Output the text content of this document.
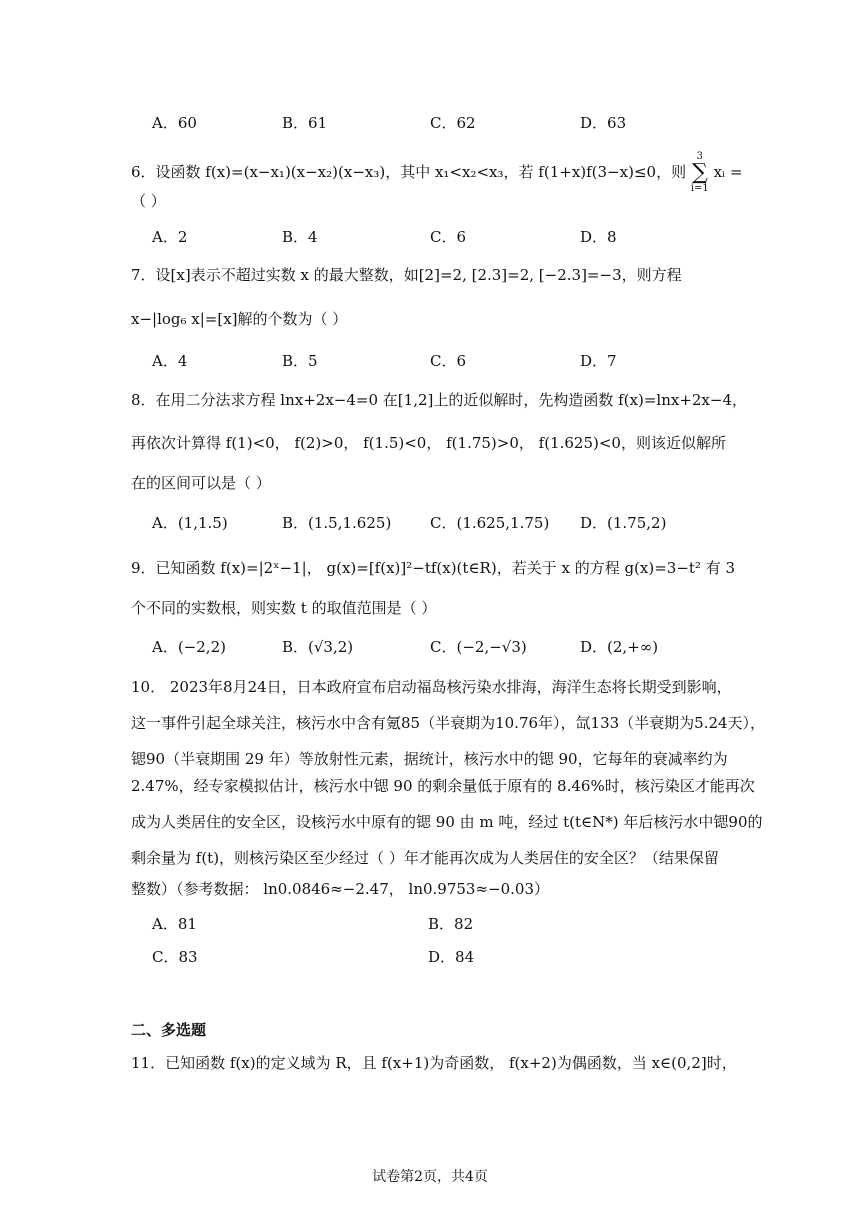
A．60	B．61	C．62	D．63
6．设函数 f(x)=(x−x₁)(x−x₂)(x−x₃)，其中 x₁<x₂<x₃，若 f(1+x)f(3−x)≤0，则 3
∑
i=1 xᵢ =
（ ）
A．2	B．4	C．6	D．8
7．设[x]表示不超过实数 x 的最大整数，如[2]=2, [2.3]=2, [−2.3]=−3，则方程
x−|log₆ x|=[x]解的个数为（ ）
A．4	B．5	C．6	D．7
8．在用二分法求方程 lnx+2x−4=0 在[1,2]上的近似解时，先构造函数 f(x)=lnx+2x−4，
再依次计算得 f(1)<0， f(2)>0， f(1.5)<0， f(1.75)>0， f(1.625)<0，则该近似解所
在的区间可以是（ ）
A．(1,1.5)	B．(1.5,1.625)	C．(1.625,1.75) D．(1.75,2)
9．已知函数 f(x)=|2ˣ−1|， g(x)=[f(x)]²−tf(x)(t∈R)，若关于 x 的方程 g(x)=3−t² 有 3
个不同的实数根，则实数 t 的取值范围是（ ）
A．(−2,2)	B．(√3,2)	C．(−2,−√3)	D．(2,+∞)
10． 2023年8月24日，日本政府宣布启动福岛核污染水排海，海洋生态将长期受到影响，
这一事件引起全球关注，核污水中含有氪85（半衰期为10.76年），氙133（半衰期为5.24天），
锶90（半衰期围 29 年）等放射性元素，据统计，核污水中的锶 90，它每年的衰减率约为
2.47%，经专家模拟估计，核污水中锶 90 的剩余量低于原有的 8.46%时，核污染区才能再次
成为人类居住的安全区，设核污水中原有的锶 90 由 m 吨，经过 t(t∈N*) 年后核污水中锶90的
剩余量为 f(t)，则核污染区至少经过（ ）年才能再次成为人类居住的安全区？（结果保留
整数）（参考数据： ln0.0846≈−2.47， ln0.9753≈−0.03）
A．81	B．82
C．83	D．84
二、多选题
11．已知函数 f(x)的定义域为 R，且 f(x+1)为奇函数， f(x+2)为偶函数，当 x∈(0,2]时，
试卷第2页，共4页
